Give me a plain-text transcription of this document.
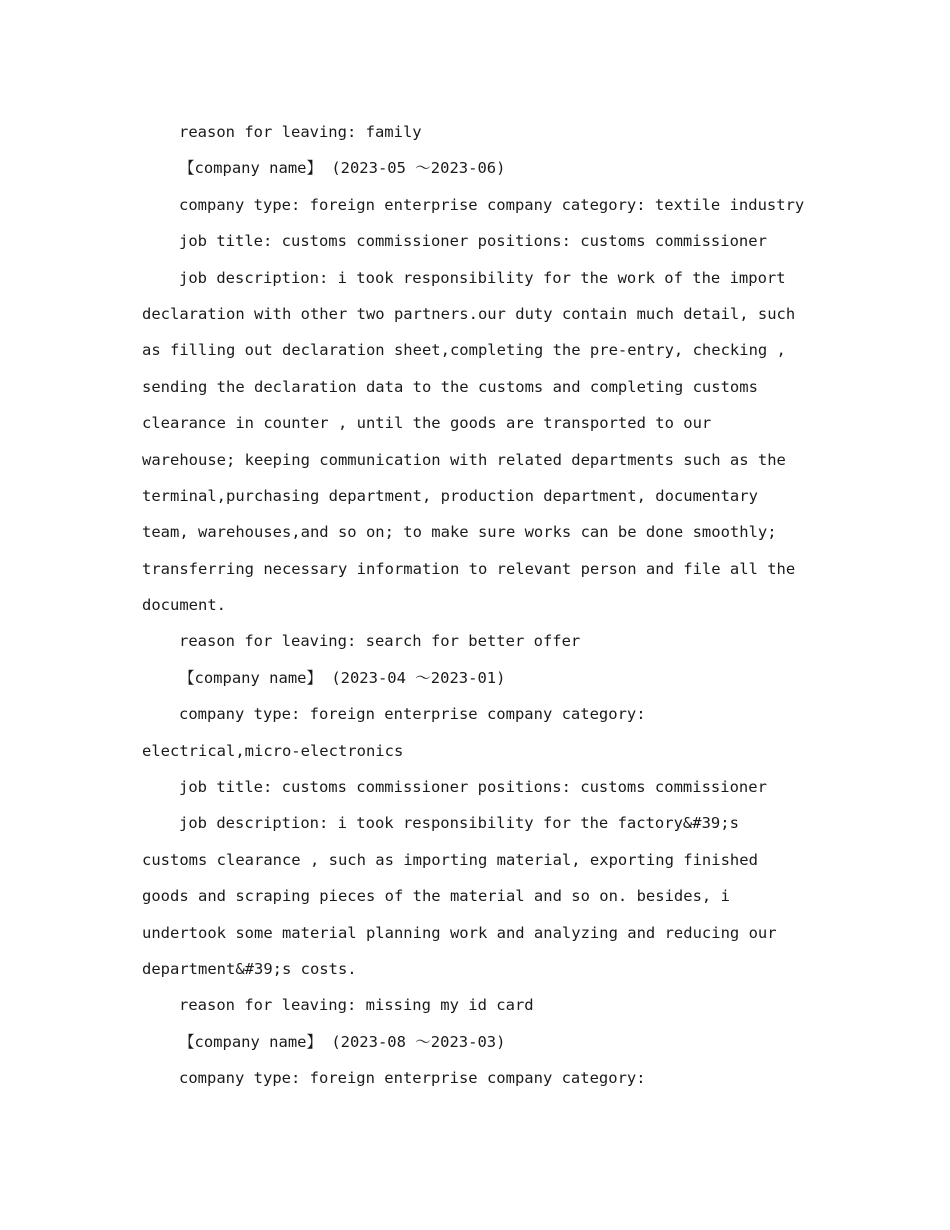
reason for leaving: family
【company name】 (2023-05 ～2023-06)
company type: foreign enterprise company category: textile industry
job title: customs commissioner positions: customs commissioner
job description: i took responsibility for the work of the import
declaration with other two partners.our duty contain much detail, such
as filling out declaration sheet,completing the pre-entry, checking ,
sending the declaration data to the customs and completing customs
clearance in counter , until the goods are transported to our
warehouse; keeping communication with related departments such as the
terminal,purchasing department, production department, documentary
team, warehouses,and so on; to make sure works can be done smoothly;
transferring necessary information to relevant person and file all the
document.
reason for leaving: search for better offer
【company name】 (2023-04 ～2023-01)
company type: foreign enterprise company category:
electrical,micro-electronics
job title: customs commissioner positions: customs commissioner
job description: i took responsibility for the factory&#39;s
customs clearance , such as importing material, exporting finished
goods and scraping pieces of the material and so on. besides, i
undertook some material planning work and analyzing and reducing our
department&#39;s costs.
reason for leaving: missing my id card
【company name】 (2023-08 ～2023-03)
company type: foreign enterprise company category:
